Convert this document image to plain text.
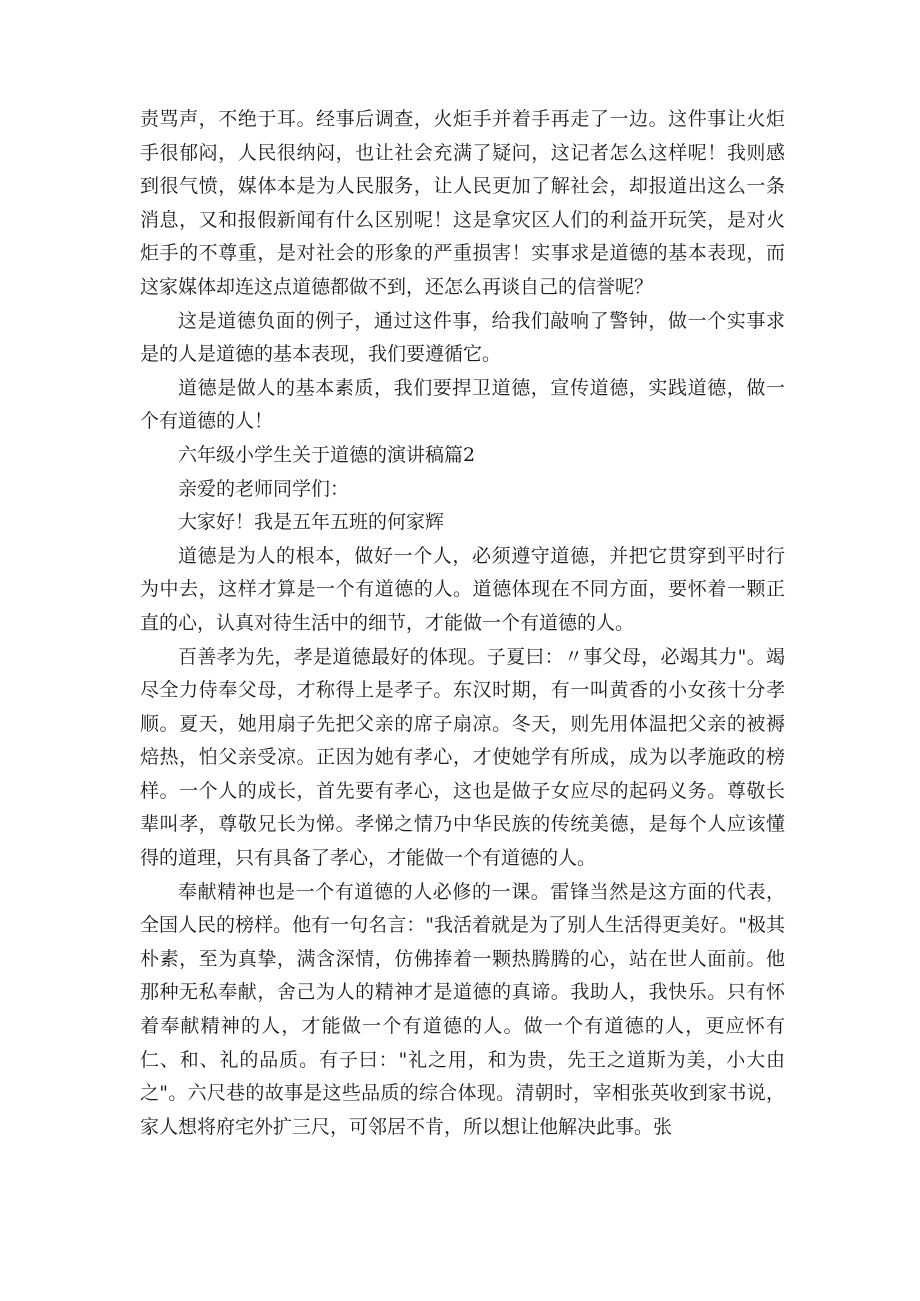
责骂声，不绝于耳。经事后调查，火炬手并着手再走了一边。这件事让火炬手很郁闷，人民很纳闷，也让社会充满了疑问，这记者怎么这样呢！我则感到很气愤，媒体本是为人民服务，让人民更加了解社会，却报道出这么一条消息，又和报假新闻有什么区别呢！这是拿灾区人们的利益开玩笑，是对火炬手的不尊重，是对社会的形象的严重损害！实事求是道德的基本表现，而这家媒体却连这点道德都做不到，还怎么再谈自己的信誉呢？

这是道德负面的例子，通过这件事，给我们敲响了警钟，做一个实事求是的人是道德的基本表现，我们要遵循它。

道德是做人的基本素质，我们要捍卫道德，宣传道德，实践道德，做一个有道德的人！

六年级小学生关于道德的演讲稿篇2

亲爱的老师同学们：

大家好！我是五年五班的何家辉

道德是为人的根本，做好一个人，必须遵守道德，并把它贯穿到平时行为中去，这样才算是一个有道德的人。道德体现在不同方面，要怀着一颗正直的心，认真对待生活中的细节，才能做一个有道德的人。

百善孝为先，孝是道德最好的体现。子夏曰：〃事父母，必竭其力"。竭尽全力侍奉父母，才称得上是孝子。东汉时期，有一叫黄香的小女孩十分孝顺。夏天，她用扇子先把父亲的席子扇凉。冬天，则先用体温把父亲的被褥焙热，怕父亲受凉。正因为她有孝心，才使她学有所成，成为以孝施政的榜样。一个人的成长，首先要有孝心，这也是做子女应尽的起码义务。尊敬长辈叫孝，尊敬兄长为悌。孝悌之情乃中华民族的传统美德，是每个人应该懂得的道理，只有具备了孝心，才能做一个有道德的人。

奉献精神也是一个有道德的人必修的一课。雷锋当然是这方面的代表，全国人民的榜样。他有一句名言："我活着就是为了别人生活得更美好。"极其朴素，至为真挚，满含深情，仿佛捧着一颗热腾腾的心，站在世人面前。他那种无私奉献，舍己为人的精神才是道德的真谛。我助人，我快乐。只有怀着奉献精神的人，才能做一个有道德的人。做一个有道德的人，更应怀有仁、和、礼的品质。有子曰："礼之用，和为贵，先王之道斯为美，小大由之"。六尺巷的故事是这些品质的综合体现。清朝时，宰相张英收到家书说，家人想将府宅外扩三尺，可邻居不肯，所以想让他解决此事。张
